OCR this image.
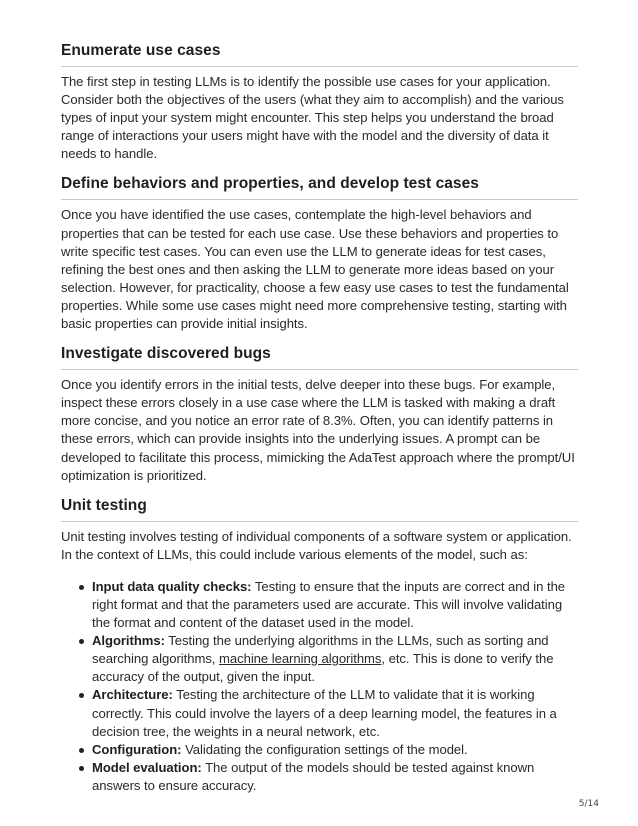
Enumerate use cases

The first step in testing LLMs is to identify the possible use cases for your application. Consider both the objectives of the users (what they aim to accomplish) and the various types of input your system might encounter. This step helps you understand the broad range of interactions your users might have with the model and the diversity of data it needs to handle.

Define behaviors and properties, and develop test cases

Once you have identified the use cases, contemplate the high-level behaviors and properties that can be tested for each use case. Use these behaviors and properties to write specific test cases. You can even use the LLM to generate ideas for test cases, refining the best ones and then asking the LLM to generate more ideas based on your selection. However, for practicality, choose a few easy use cases to test the fundamental properties. While some use cases might need more comprehensive testing, starting with basic properties can provide initial insights.

Investigate discovered bugs

Once you identify errors in the initial tests, delve deeper into these bugs. For example, inspect these errors closely in a use case where the LLM is tasked with making a draft more concise, and you notice an error rate of 8.3%. Often, you can identify patterns in these errors, which can provide insights into the underlying issues. A prompt can be developed to facilitate this process, mimicking the AdaTest approach where the prompt/UI optimization is prioritized.

Unit testing

Unit testing involves testing of individual components of a software system or application. In the context of LLMs, this could include various elements of the model, such as:

Input data quality checks: Testing to ensure that the inputs are correct and in the right format and that the parameters used are accurate. This will involve validating the format and content of the dataset used in the model.
Algorithms: Testing the underlying algorithms in the LLMs, such as sorting and searching algorithms, machine learning algorithms, etc. This is done to verify the accuracy of the output, given the input.
Architecture: Testing the architecture of the LLM to validate that it is working correctly. This could involve the layers of a deep learning model, the features in a decision tree, the weights in a neural network, etc.
Configuration: Validating the configuration settings of the model.
Model evaluation: The output of the models should be tested against known answers to ensure accuracy.
5/14
